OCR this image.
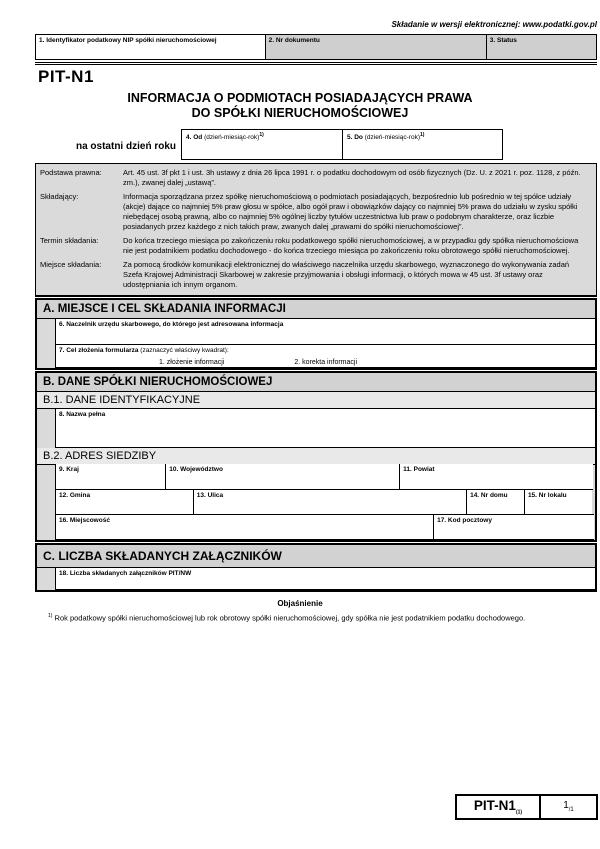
Składanie w wersji elektronicznej: www.podatki.gov.pl
1. Identyfikator podatkowy NIP spółki nieruchomościowej	2. Nr dokumentu	3. Status
PIT-N1
INFORMACJA O PODMIOTACH POSIADAJĄCYCH PRAWA
DO SPÓŁKI NIERUCHOMOŚCIOWEJ
na ostatni dzień roku
4. Od (dzień-miesiąc-rok)$^{1)}$	5. Do (dzień-miesiąc-rok)$^{1)}$
Podstawa prawna:	Art. 45 ust. 3f pkt 1 i ust. 3h ustawy z dnia 26 lipca 1991 r. o podatku dochodowym od osób fizycznych (Dz. U. z 2021 r. poz. 1128, z późn. zm.), zwanej dalej „ustawą”.
Składający:	Informacja sporządzana przez spółkę nieruchomościową o podmiotach posiadających, bezpośrednio lub pośrednio w tej spółce udziały (akcje) dające co najmniej 5% praw głosu w spółce, albo ogół praw i obowiązków dający co najmniej 5% prawa do udziału w zysku spółki niebędącej osobą prawną, albo co najmniej 5% ogólnej liczby tytułów uczestnictwa lub praw o podobnym charakterze, oraz liczbie posiadanych przez każdego z nich takich praw, zwanych dalej „prawami do spółki nieruchomościowej”.
Termin składania:	Do końca trzeciego miesiąca po zakończeniu roku podatkowego spółki nieruchomościowej, a w przypadku gdy spółka nieruchomościowa nie jest podatnikiem podatku dochodowego - do końca trzeciego miesiąca po zakończeniu roku obrotowego spółki nieruchomościowej.
Miejsce składania:	Za pomocą środków komunikacji elektronicznej do właściwego naczelnika urzędu skarbowego, wyznaczonego do wykonywania zadań Szefa Krajowej Administracji Skarbowej w zakresie przyjmowania i obsługi informacji, o których mowa w 45 ust. 3f ustawy oraz udostępniania ich innym organom.
A. MIEJSCE I CEL SKŁADANIA INFORMACJI
6. Naczelnik urzędu skarbowego, do którego jest adresowana informacja
7. Cel złożenia formularza (zaznaczyć właściwy kwadrat):
1. złożenie informacji	2. korekta informacji
B. DANE SPÓŁKI NIERUCHOMOŚCIOWEJ
B.1. DANE IDENTYFIKACYJNE
8. Nazwa pełna
B.2. ADRES SIEDZIBY
9. Kraj	10. Województwo	11. Powiat
12. Gmina	13. Ulica	14. Nr domu	15. Nr lokalu
16. Miejscowość	17. Kod pocztowy
C. LICZBA SKŁADANYCH ZAŁĄCZNIKÓW
18. Liczba składanych załączników PIT/NW
Objaśnienie
$^{1)}$ Rok podatkowy spółki nieruchomościowej lub rok obrotowy spółki nieruchomościowej, gdy spółka nie jest podatnikiem podatku dochodowego.
PIT-$N1_{(1)}$
$1_{/1}$
